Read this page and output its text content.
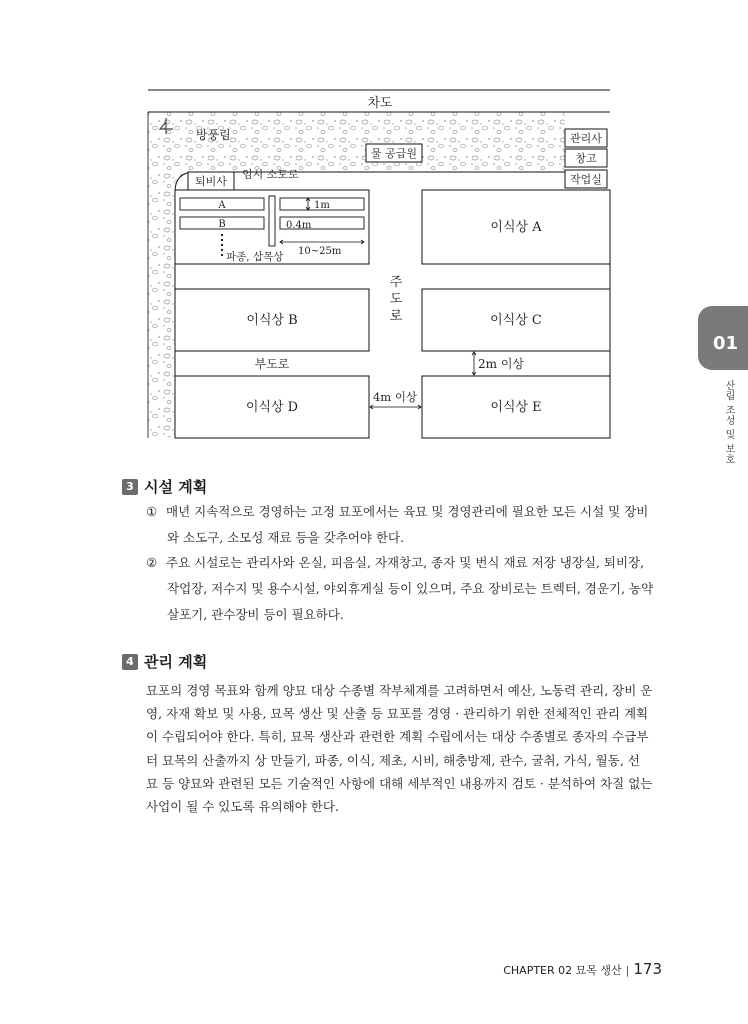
차도
방풍림
물 공급원
관리사
창고
작업실
퇴비사
임시 소도로
A
B
1m
0.4m
10~25m
파종, 삽목상
이식상 A
이식상 B	이식상 C
이식상 D	이식상 E
주
도
로
부도로	2m 이상
4m 이상
3 시설 계획
① 매년 지속적으로 경영하는 고정 묘포에서는 육묘 및 경영관리에 필요한 모든 시설 및 장비
와 소도구, 소모성 재료 등을 갖추어야 한다.
② 주요 시설로는 관리사와 온실, 피음실, 자재창고, 종자 및 번식 재료 저장 냉장실, 퇴비장,
작업장, 저수지 및 용수시설, 야외휴게실 등이 있으며, 주요 장비로는 트렉터, 경운기, 농약
살포기, 관수장비 등이 필요하다.
4 관리 계획
묘포의 경영 목표와 함께 양묘 대상 수종별 작부체계를 고려하면서 예산, 노동력 관리, 장비 운
영, 자재 확보 및 사용, 묘목 생산 및 산출 등 묘포를 경영 · 관리하기 위한 전체적인 관리 계획
이 수립되어야 한다. 특히, 묘목 생산과 관련한 계획 수립에서는 대상 수종별로 종자의 수급부
터 묘목의 산출까지 상 만들기, 파종, 이식, 제초, 시비, 해충방제, 관수, 굴취, 가식, 월동, 선
묘 등 양묘와 관련된 모든 기술적인 사항에 대해 세부적인 내용까지 검토 · 분석하여 차질 없는
사업이 될 수 있도록 유의해야 한다.
01
산림 조성 및 보호
CHAPTER 02 묘목 생산 | 173
